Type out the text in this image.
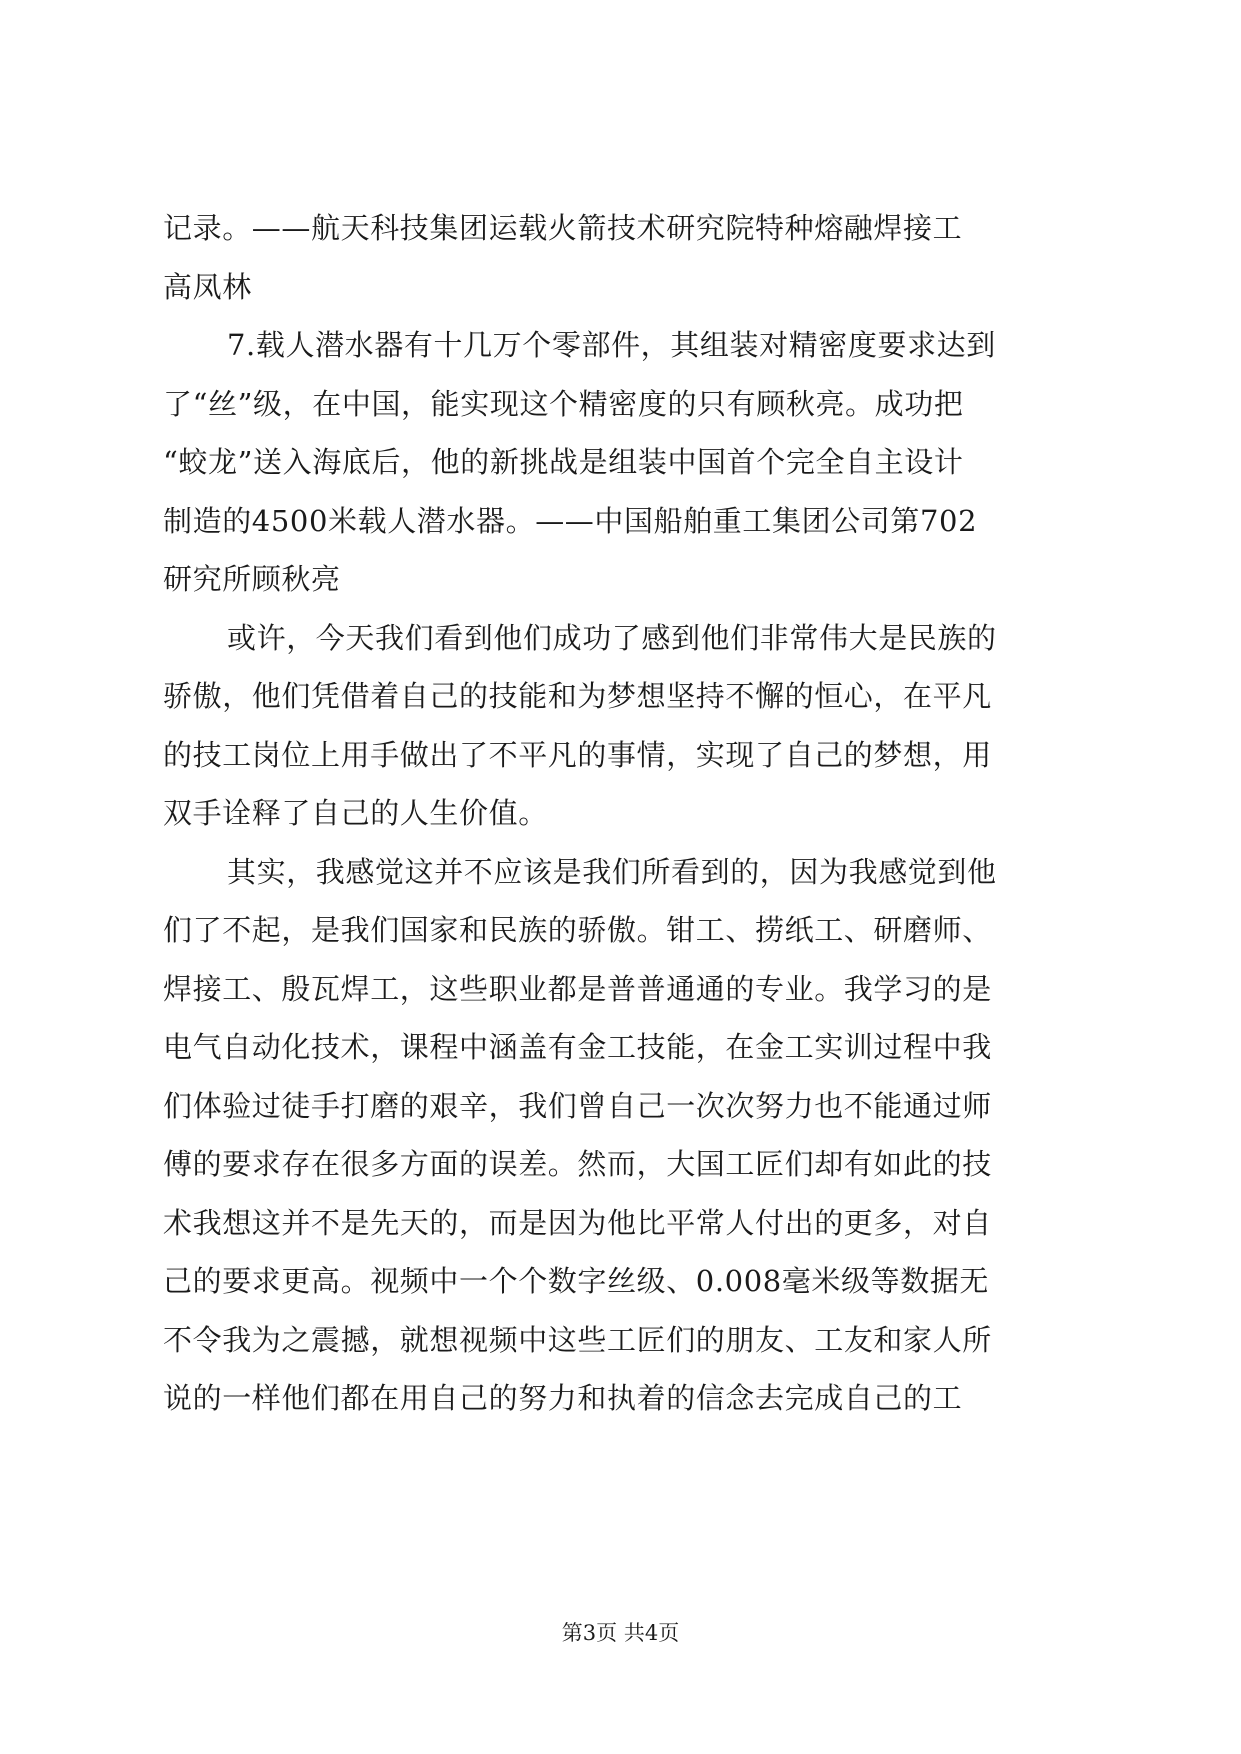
记录。——航天科技集团运载火箭技术研究院特种熔融焊接工
高凤林
7.载人潜水器有十几万个零部件，其组装对精密度要求达到
了“丝”级，在中国，能实现这个精密度的只有顾秋亮。成功把
“蛟龙”送入海底后，他的新挑战是组装中国首个完全自主设计
制造的4500米载人潜水器。——中国船舶重工集团公司第702
研究所顾秋亮
或许，今天我们看到他们成功了感到他们非常伟大是民族的
骄傲，他们凭借着自己的技能和为梦想坚持不懈的恒心，在平凡
的技工岗位上用手做出了不平凡的事情，实现了自己的梦想，用
双手诠释了自己的人生价值。
其实，我感觉这并不应该是我们所看到的，因为我感觉到他
们了不起，是我们国家和民族的骄傲。钳工、捞纸工、研磨师、
焊接工、殷瓦焊工，这些职业都是普普通通的专业。我学习的是
电气自动化技术，课程中涵盖有金工技能，在金工实训过程中我
们体验过徒手打磨的艰辛，我们曾自己一次次努力也不能通过师
傅的要求存在很多方面的误差。然而，大国工匠们却有如此的技
术我想这并不是先天的，而是因为他比平常人付出的更多，对自
己的要求更高。视频中一个个数字丝级、0.008毫米级等数据无
不令我为之震撼，就想视频中这些工匠们的朋友、工友和家人所
说的一样他们都在用自己的努力和执着的信念去完成自己的工
第3页 共4页
